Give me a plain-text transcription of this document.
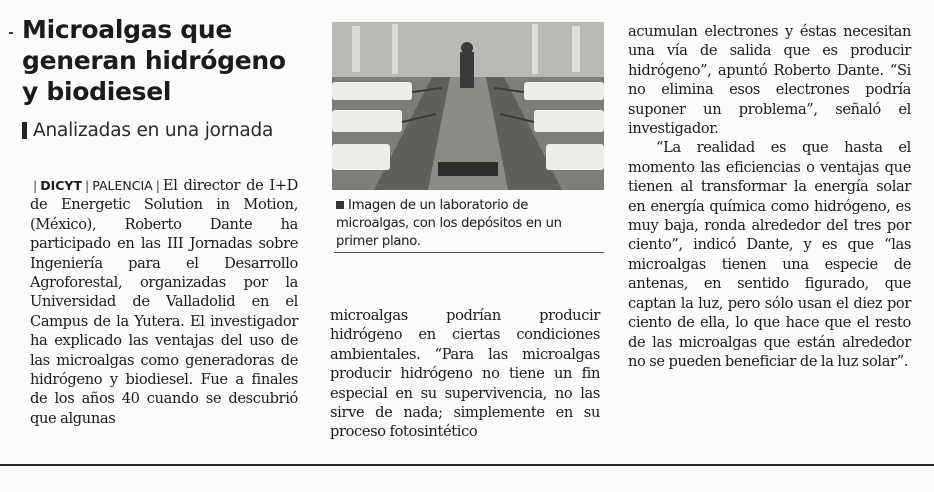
Microalgas que
generan hidrógeno
y biodiesel
Analizadas en una jornada

| DICYT | PALENCIA | El director de I+D de Energetic Solution in Motion, (México), Roberto Dante ha participado en las III Jornadas sobre Ingeniería para el Desarrollo Agroforestal, organizadas por la Universidad de Valladolid en el Campus de la Yutera. El investigador ha explicado las ventajas del uso de las microalgas como generadoras de hidrógeno y biodiesel. Fue a finales de los años 40 cuando se descubrió que algunas

Imagen de un laboratorio de microalgas, con los depósitos en un primer plano.

microalgas podrían producir hidrógeno en ciertas condiciones ambientales. “Para las microalgas producir hidrógeno no tiene un fin especial en su supervivencia, no las sirve de nada; simplemente en su proceso fotosintético

acumulan electrones y éstas necesitan una vía de salida que es producir hidrógeno”, apuntó Roberto Dante. “Si no elimina esos electrones podría suponer un problema”, señaló el investigador.

“La realidad es que hasta el momento las eficiencias o ventajas que tienen al transformar la energía solar en energía química como hidrógeno, es muy baja, ronda alrededor del tres por ciento”, indicó Dante, y es que “las microalgas tienen una especie de antenas, en sentido figurado, que captan la luz, pero sólo usan el diez por ciento de ella, lo que hace que el resto de las microalgas que están alrededor no se pueden beneficiar de la luz solar”.
